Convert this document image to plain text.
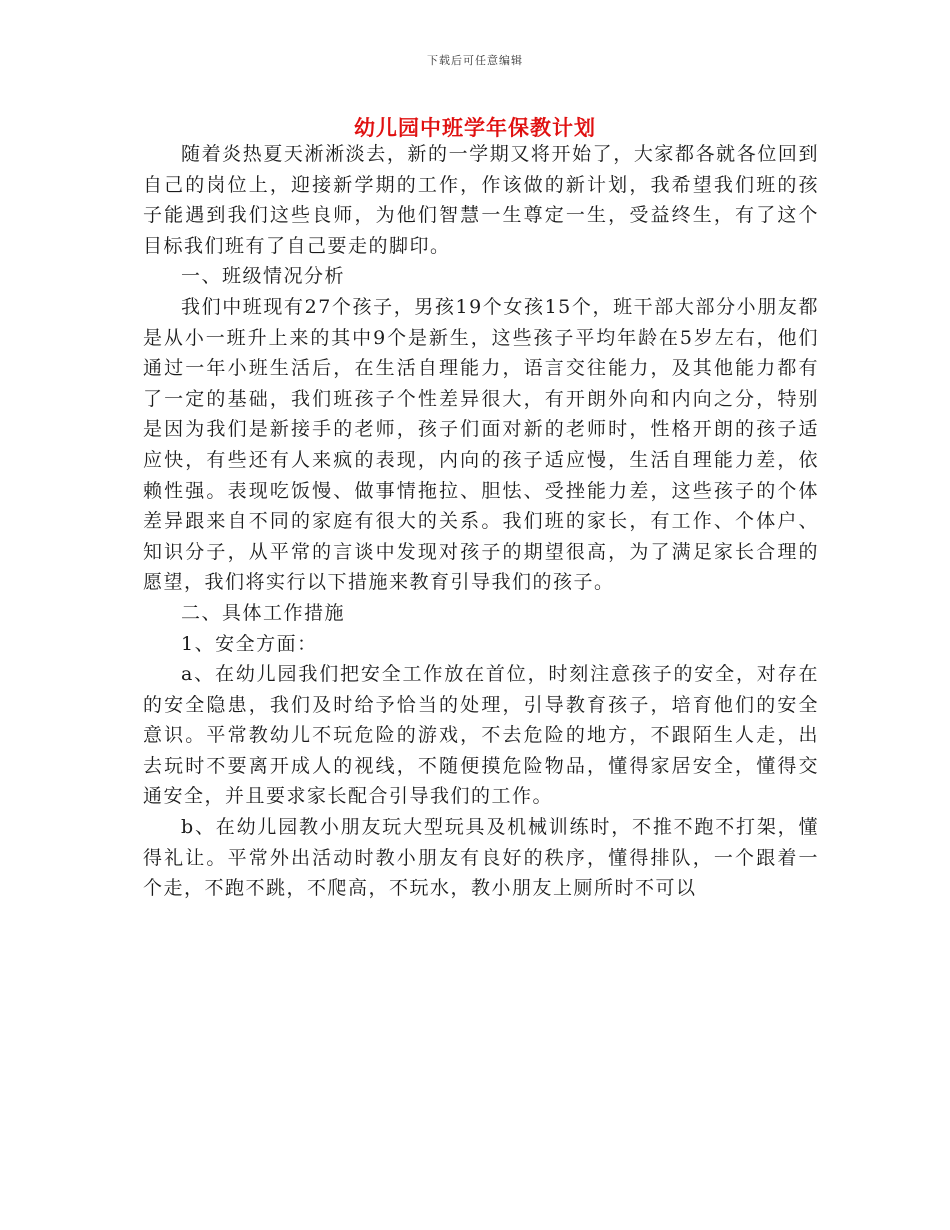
下载后可任意编辑
幼儿园中班学年保教计划

随着炎热夏天淅淅淡去，新的一学期又将开始了，大家都各就各位回到自己的岗位上，迎接新学期的工作，作该做的新计划，我希望我们班的孩子能遇到我们这些良师，为他们智慧一生尊定一生，受益终生，有了这个目标我们班有了自己要走的脚印。

一、班级情况分析

我们中班现有27个孩子，男孩19个女孩15个，班干部大部分小朋友都是从小一班升上来的其中9个是新生，这些孩子平均年龄在5岁左右，他们通过一年小班生活后，在生活自理能力，语言交往能力，及其他能力都有了一定的基础，我们班孩子个性差异很大，有开朗外向和内向之分，特别是因为我们是新接手的老师，孩子们面对新的老师时，性格开朗的孩子适应快，有些还有人来疯的表现，内向的孩子适应慢，生活自理能力差，依赖性强。表现吃饭慢、做事情拖拉、胆怯、受挫能力差，这些孩子的个体差异跟来自不同的家庭有很大的关系。我们班的家长，有工作、个体户、知识分子，从平常的言谈中发现对孩子的期望很高，为了满足家长合理的愿望，我们将实行以下措施来教育引导我们的孩子。

二、具体工作措施

1、安全方面：

a、在幼儿园我们把安全工作放在首位，时刻注意孩子的安全，对存在的安全隐患，我们及时给予恰当的处理，引导教育孩子，培育他们的安全意识。平常教幼儿不玩危险的游戏，不去危险的地方，不跟陌生人走，出去玩时不要离开成人的视线，不随便摸危险物品，懂得家居安全，懂得交通安全，并且要求家长配合引导我们的工作。

b、在幼儿园教小朋友玩大型玩具及机械训练时，不推不跑不打架，懂得礼让。平常外出活动时教小朋友有良好的秩序，懂得排队，一个跟着一个走，不跑不跳，不爬高，不玩水，教小朋友上厕所时不可以
